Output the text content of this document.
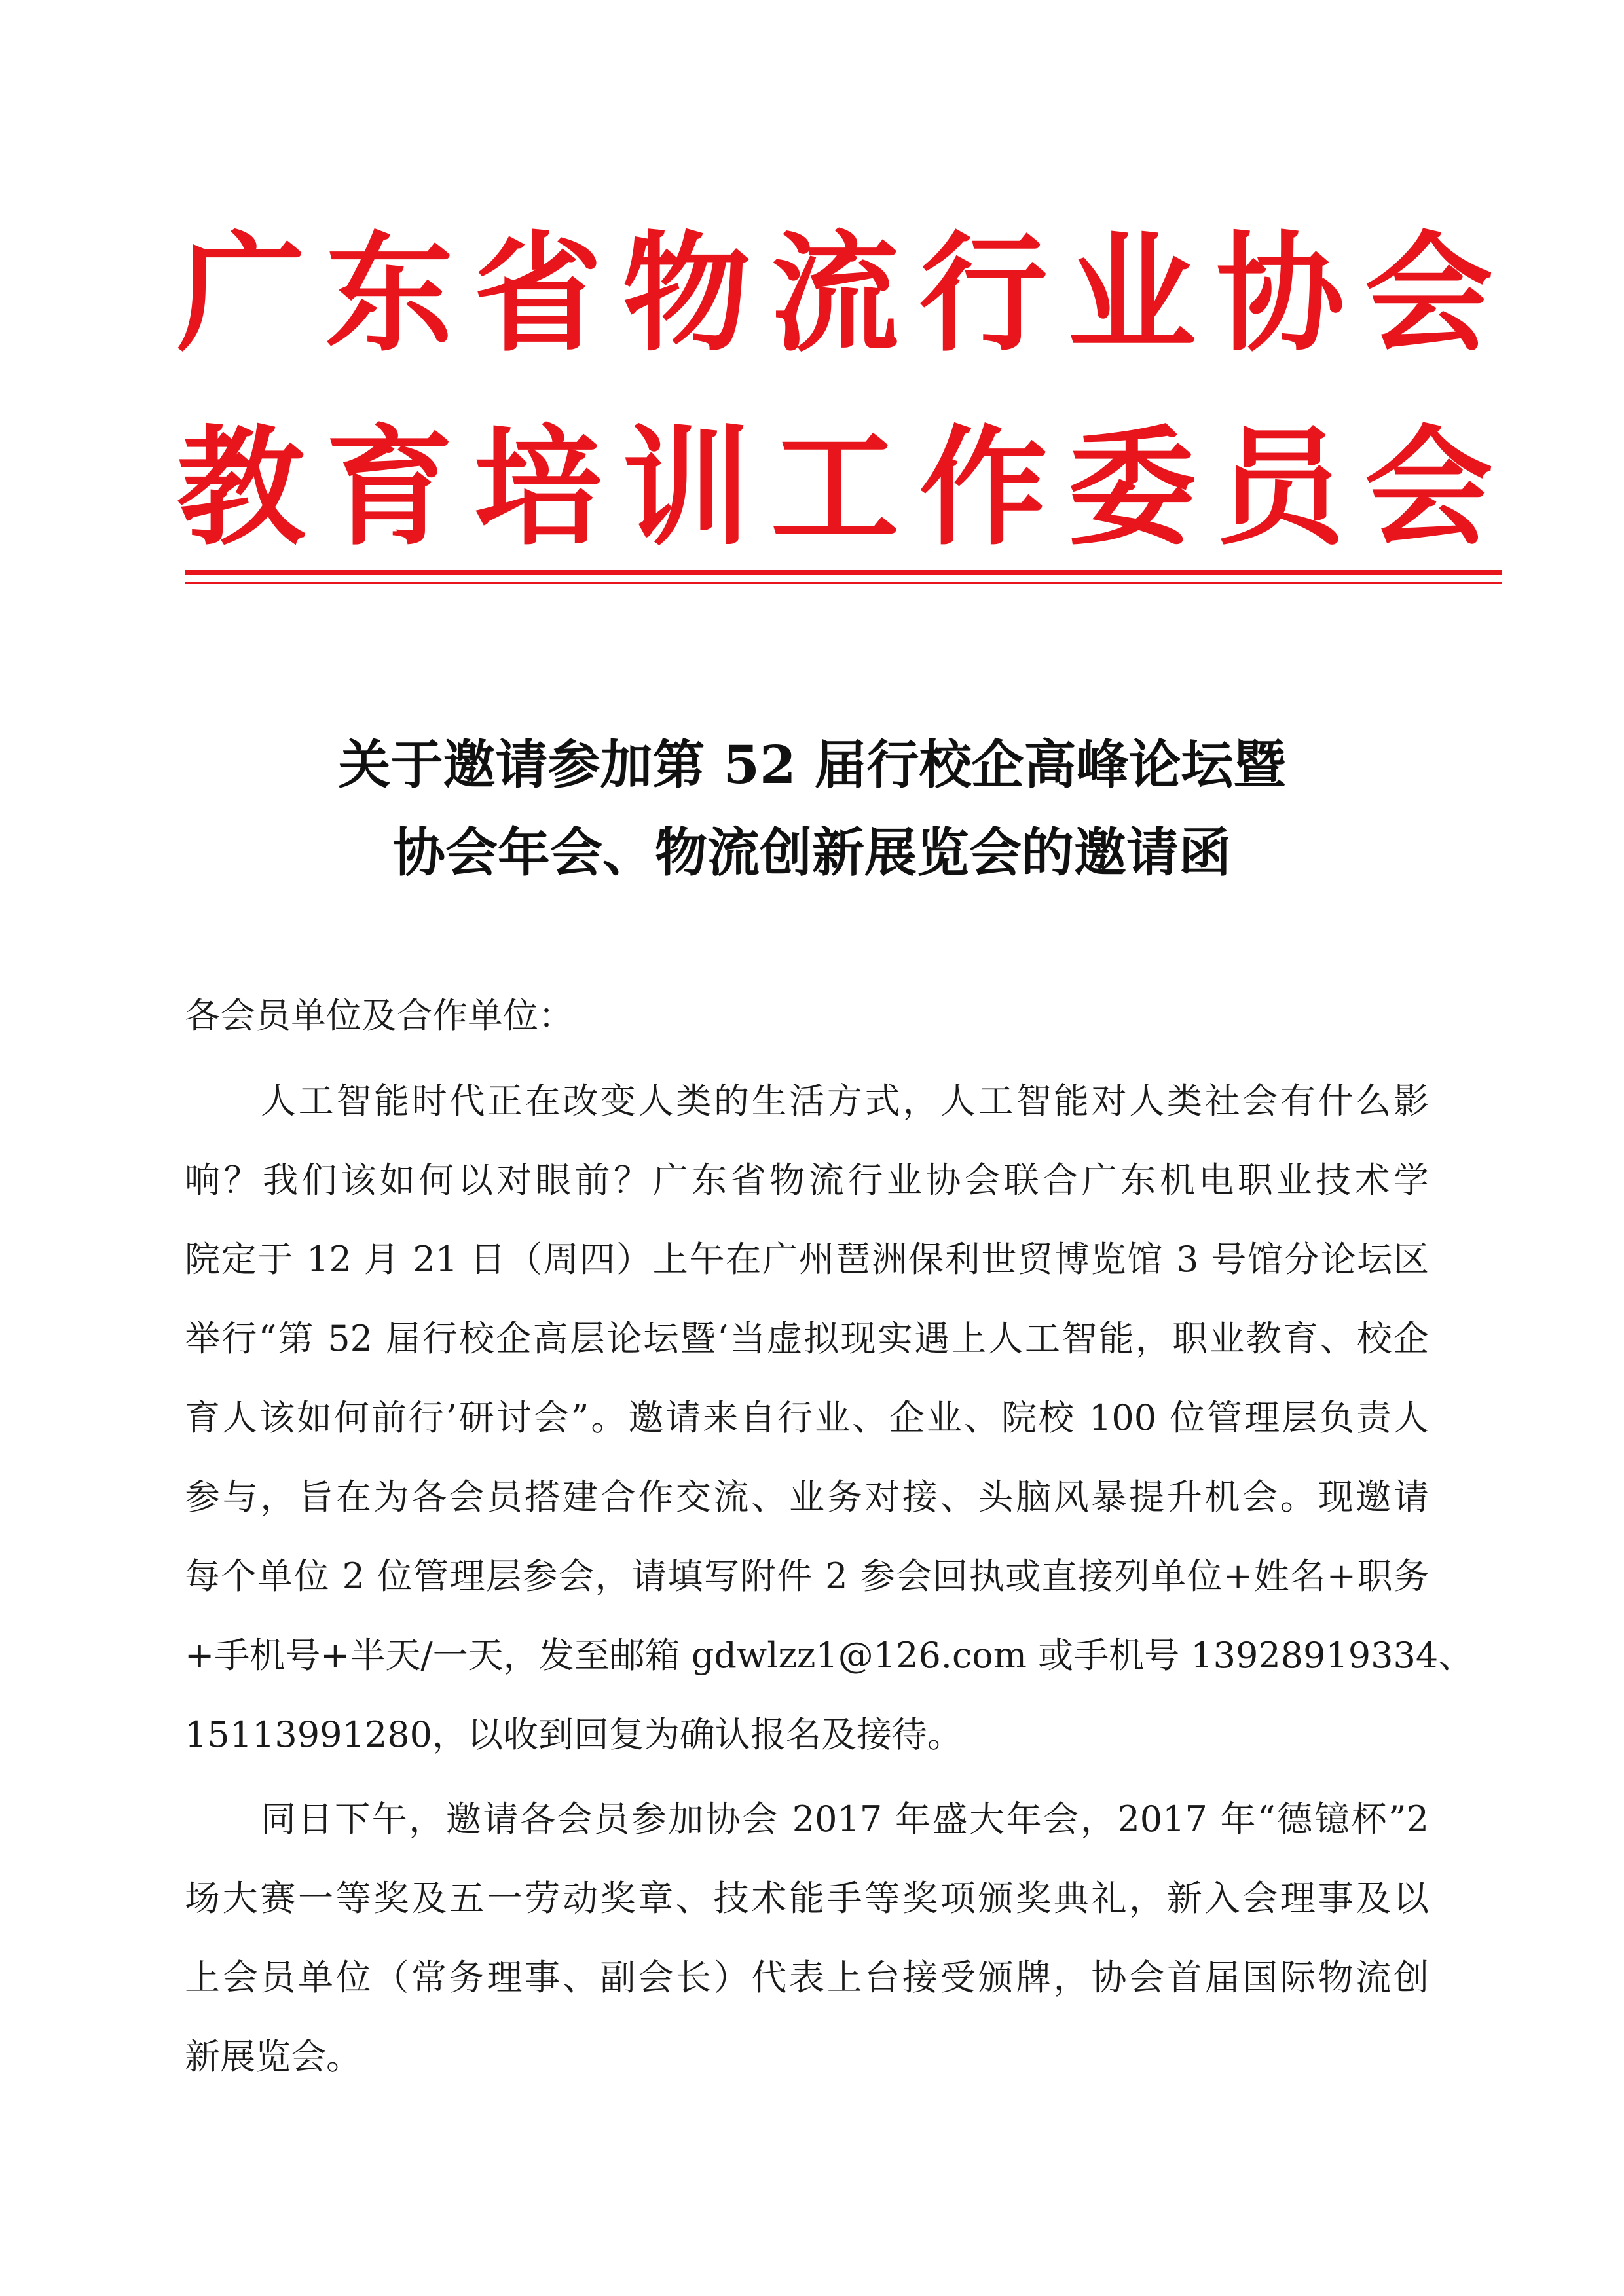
广 东 省 物 流 行 业 协 会
教 育 培 训 工 作 委 员 会
关于邀请参加第 52 届行校企高峰论坛暨
协会年会、物流创新展览会的邀请函
各会员单位及合作单位：
人工智能时代正在改变人类的生活方式，人工智能对人类社会有什么影
响？我们该如何以对眼前？广东省物流行业协会联合广东机电职业技术学
院定于 12 月 21 日（周四）上午在广州琶洲保利世贸博览馆 3 号馆分论坛区
举行“第 52 届行校企高层论坛暨‘当虚拟现实遇上人工智能，职业教育、校企
育人该如何前行’研讨会”。邀请来自行业、企业、院校 100 位管理层负责人
参与，旨在为各会员搭建合作交流、业务对接、头脑风暴提升机会。现邀请
每个单位 2 位管理层参会，请填写附件 2 参会回执或直接列单位+姓名+职务
+手机号+半天/一天，发至邮箱 gdwlzz1@126.com 或手机号 13928919334、
15113991280，以收到回复为确认报名及接待。
同日下午，邀请各会员参加协会 2017 年盛大年会，2017 年“德镱杯”2
场大赛一等奖及五一劳动奖章、技术能手等奖项颁奖典礼，新入会理事及以
上会员单位（常务理事、副会长）代表上台接受颁牌，协会首届国际物流创
新展览会。
